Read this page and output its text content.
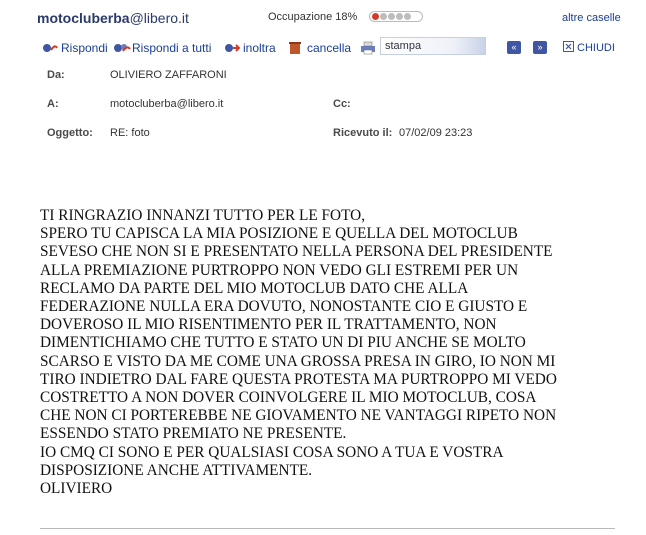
motocluberba@libero.it	Occupazione 18%	altre caselle
Rispondi Rispondi a tutti	inoltra	cancella	stampa	«	»	CHIUDI
Da:	OLIVIERO ZAFFARONI
A:	motocluberba@libero.it	Cc:
Oggetto: RE: foto	Ricevuto il: 07/02/09 23:23
TI RINGRAZIO INNANZI TUTTO PER LE FOTO,
SPERO TU CAPISCA LA MIA POSIZIONE E QUELLA DEL MOTOCLUB
SEVESO CHE NON SI E PRESENTATO NELLA PERSONA DEL PRESIDENTE
ALLA PREMIAZIONE PURTROPPO NON VEDO GLI ESTREMI PER UN
RECLAMO DA PARTE DEL MIO MOTOCLUB DATO CHE ALLA
FEDERAZIONE NULLA ERA DOVUTO, NONOSTANTE CIO E GIUSTO E
DOVEROSO IL MIO RISENTIMENTO PER IL TRATTAMENTO, NON
DIMENTICHIAMO CHE TUTTO E STATO UN DI PIU ANCHE SE MOLTO
SCARSO E VISTO DA ME COME UNA GROSSA PRESA IN GIRO, IO NON MI
TIRO INDIETRO DAL FARE QUESTA PROTESTA MA PURTROPPO MI VEDO
COSTRETTO A NON DOVER COINVOLGERE IL MIO MOTOCLUB, COSA
CHE NON CI PORTEREBBE NE GIOVAMENTO NE VANTAGGI RIPETO NON
ESSENDO STATO PREMIATO NE PRESENTE.
IO CMQ CI SONO E PER QUALSIASI COSA SONO A TUA E VOSTRA
DISPOSIZIONE ANCHE ATTIVAMENTE.
OLIVIERO
